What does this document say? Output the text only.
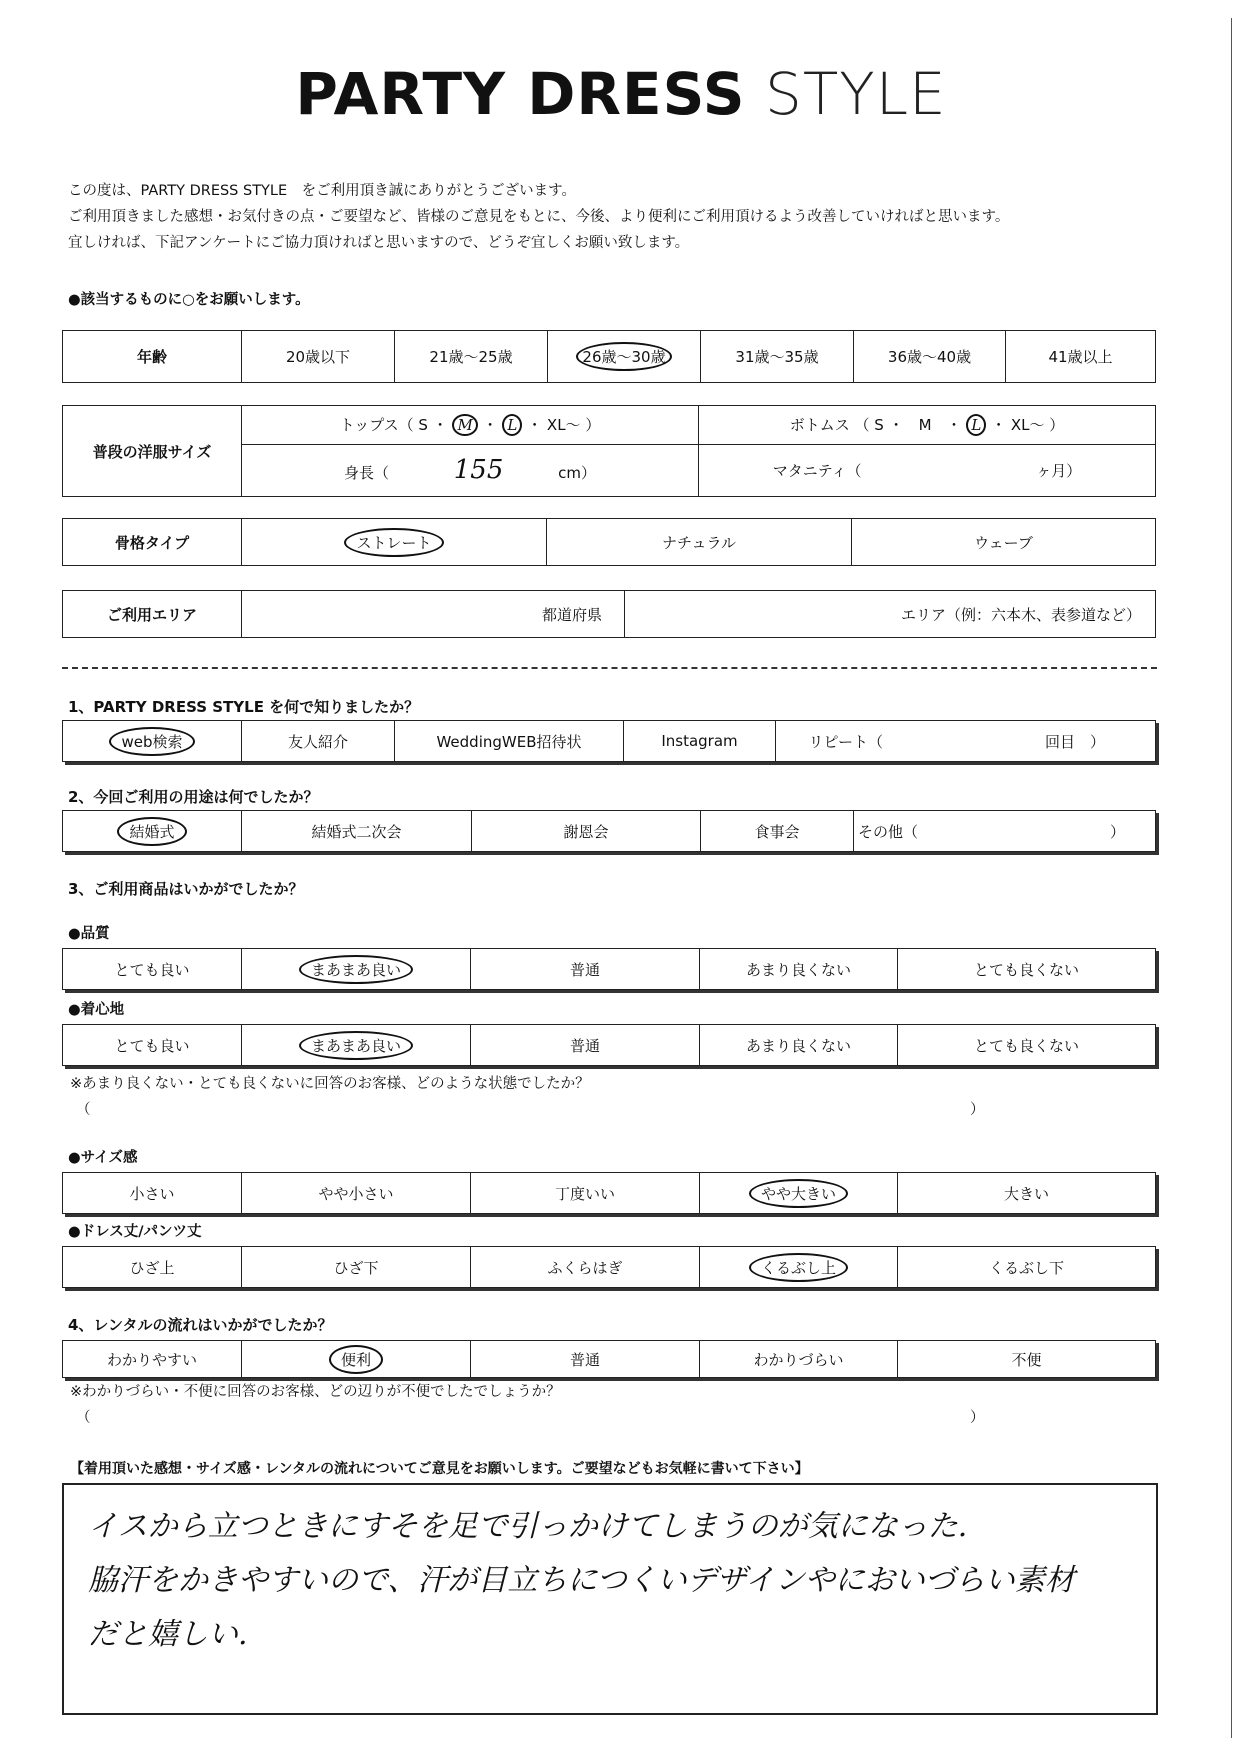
PARTY DRESS STYLE
この度は、PARTY DRESS STYLE　をご利用頂き誠にありがとうございます。
ご利用頂きました感想・お気付きの点・ご要望など、皆様のご意見をもとに、今後、より便利にご利用頂けるよう改善していければと思います。
宜しければ、下記アンケートにご協力頂ければと思いますので、どうぞ宜しくお願い致します。
●該当するものに○をお願いします。
年齢	20歳以下	21歳～25歳	26歳～30歳	31歳～35歳	36歳～40歳	41歳以上
普段の洋服サイズ	トップス（ S ・ M ・ L ・ XL～ ）	ボトムス （ S ・　M　・ L ・ XL～ ）
	身長（ 155 cm）	マタニティ（ ヶ月）
骨格タイプ	ストレート	ナチュラル	ウェーブ
ご利用エリア	都道府県	エリア（例：六本木、表参道など）
1、PARTY DRESS STYLE を何で知りましたか？
web検索	友人紹介	WeddingWEB招待状	Instagram	リピート（	回目　）
2、今回ご利用の用途は何でしたか？
結婚式	結婚式二次会	謝恩会	食事会	その他（	）
3、ご利用商品はいかがでしたか？
●品質
とても良い	まあまあ良い	普通	あまり良くない	とても良くない
●着心地
とても良い	まあまあ良い	普通	あまり良くない	とても良くない
※あまり良くない・とても良くないに回答のお客様、どのような状態でしたか？
（	）
●サイズ感
小さい	やや小さい	丁度いい	やや大きい	大きい
●ドレス丈/パンツ丈
ひざ上	ひざ下	ふくらはぎ	くるぶし上	くるぶし下
4、レンタルの流れはいかがでしたか？
わかりやすい	便利	普通	わかりづらい	不便
※わかりづらい・不便に回答のお客様、どの辺りが不便でしたでしょうか？
（	）
【着用頂いた感想・サイズ感・レンタルの流れについてご意見をお願いします。ご要望などもお気軽に書いて下さい】
イスから立つときにすそを足で引っかけてしまうのが気になった.
脇汗をかきやすいので、汗が目立ちにつくいデザインやにおいづらい素材
だと嬉しい.
